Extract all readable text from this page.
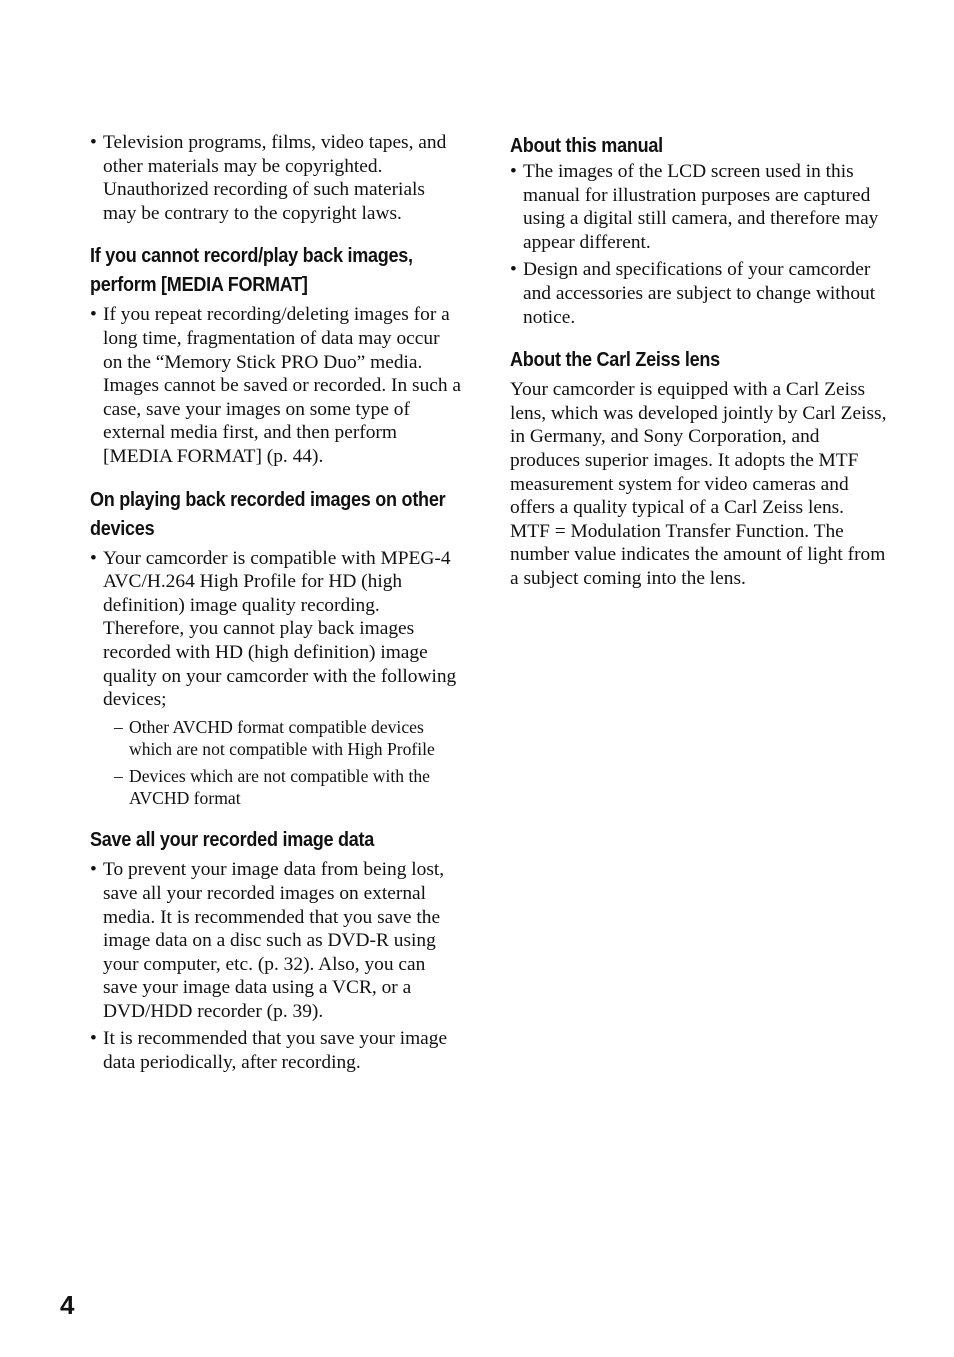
• Television programs, films, video tapes, and other materials may be copyrighted. Unauthorized recording of such materials may be contrary to the copyright laws.
If you cannot record/play back images, perform [MEDIA FORMAT]
• If you repeat recording/deleting images for a long time, fragmentation of data may occur on the “Memory Stick PRO Duo” media. Images cannot be saved or recorded. In such a case, save your images on some type of external media first, and then perform [MEDIA FORMAT] (p. 44).
On playing back recorded images on other devices
• Your camcorder is compatible with MPEG-4 AVC/H.264 High Profile for HD (high definition) image quality recording. Therefore, you cannot play back images recorded with HD (high definition) image quality on your camcorder with the following devices;
– Other AVCHD format compatible devices which are not compatible with High Profile
– Devices which are not compatible with the AVCHD format
Save all your recorded image data
• To prevent your image data from being lost, save all your recorded images on external media. It is recommended that you save the image data on a disc such as DVD-R using your computer, etc. (p. 32). Also, you can save your image data using a VCR, or a DVD/HDD recorder (p. 39).
• It is recommended that you save your image data periodically, after recording.
About this manual
• The images of the LCD screen used in this manual for illustration purposes are captured using a digital still camera, and therefore may appear different.
• Design and specifications of your camcorder and accessories are subject to change without notice.
About the Carl Zeiss lens

Your camcorder is equipped with a Carl Zeiss lens, which was developed jointly by Carl Zeiss, in Germany, and Sony Corporation, and produces superior images. It adopts the MTF measurement system for video cameras and offers a quality typical of a Carl Zeiss lens.

MTF = Modulation Transfer Function. The number value indicates the amount of light from a subject coming into the lens.

4
